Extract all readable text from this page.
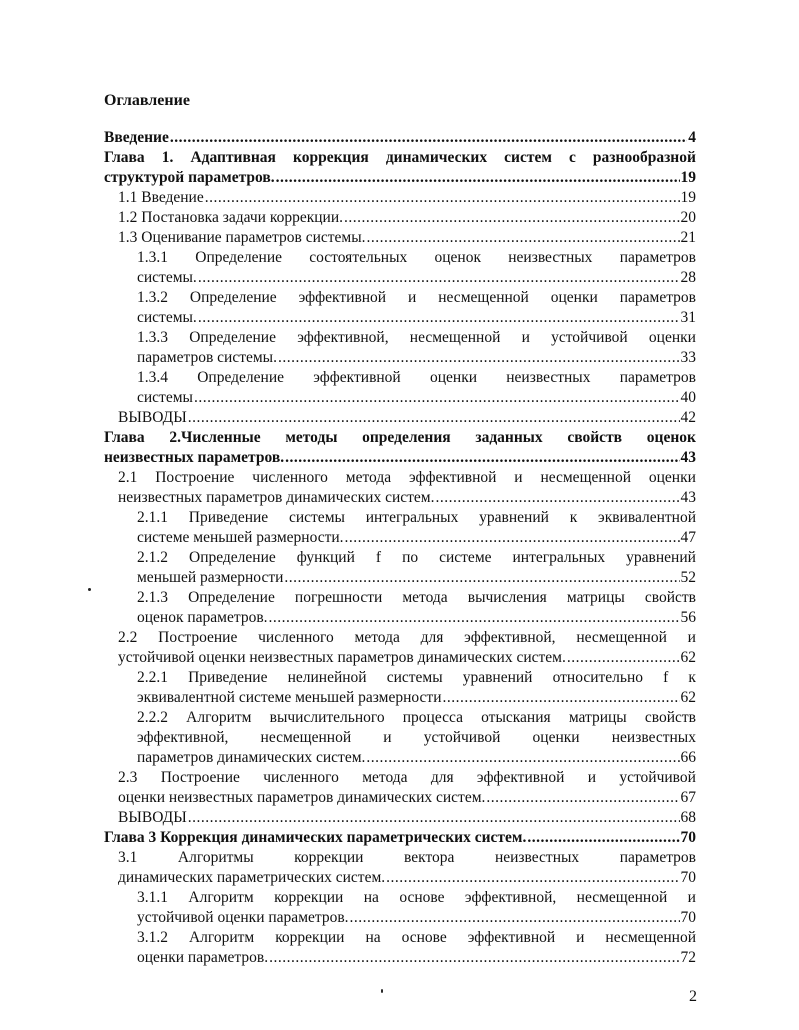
Оглавление
Введение .....	4
Глава 1. Адаптивная коррекция динамических систем с разнообразной
структурой параметров. .....	19
1.1 Введение .....	19
1.2 Постановка задачи коррекции. .....	20
1.3 Оценивание параметров системы. .....	21
1.3.1 Определение состоятельных оценок неизвестных параметров
системы. .....	28
1.3.2 Определение эффективной и несмещенной оценки параметров
системы. .....	31
1.3.3 Определение эффективной, несмещенной и устойчивой оценки
параметров системы. .....	33
1.3.4 Определение эффективной оценки неизвестных параметров
системы .....	40
ВЫВОДЫ .....	42
Глава 2.Численные методы определения заданных свойств оценок
неизвестных параметров. .....	43
2.1 Построение численного метода эффективной и несмещенной оценки
неизвестных параметров динамических систем. .....	43
2.1.1 Приведение системы интегральных уравнений к эквивалентной
системе меньшей размерности. .....	47
2.1.2 Определение функций f по системе интегральных уравнений
меньшей размерности .....	52
2.1.3 Определение погрешности метода вычисления матрицы свойств
оценок параметров. .....	56
2.2 Построение численного метода для эффективной, несмещенной и
устойчивой оценки неизвестных параметров динамических систем. .....	62
2.2.1 Приведение нелинейной системы уравнений относительно f к
эквивалентной системе меньшей размерности .....	62
2.2.2 Алгоритм вычислительного процесса отыскания матрицы свойств
эффективной, несмещенной и устойчивой оценки неизвестных
параметров динамических систем. .....	66
2.3 Построение численного метода для эффективной и устойчивой
оценки неизвестных параметров динамических систем. .....	67
ВЫВОДЫ .....	68
Глава 3 Коррекция динамических параметрических систем. .....	70
3.1	Алгоритмы	коррекции	вектора	неизвестных	параметров
динамических параметрических систем. .....	70
3.1.1 Алгоритм коррекции на основе эффективной, несмещенной и
устойчивой оценки параметров. .....	70
3.1.2 Алгоритм коррекции на основе эффективной и несмещенной
оценки параметров. .....	72
2
